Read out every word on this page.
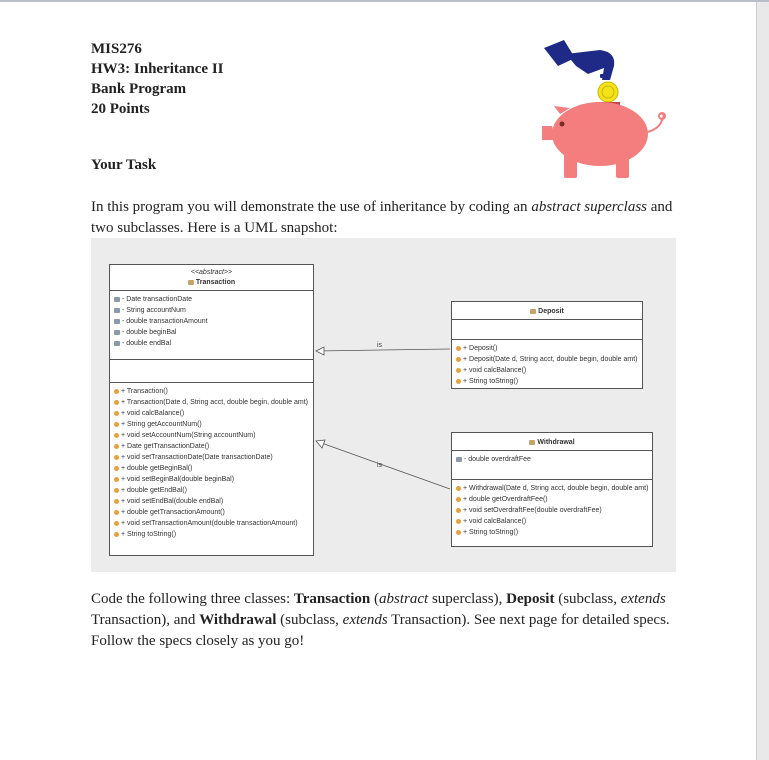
MIS276
HW3: Inheritance II
Bank Program
20 Points
Your Task
In this program you will demonstrate the use of inheritance by coding an abstract superclass and two subclasses. Here is a UML snapshot:
is
is
<<abstract>>
Transaction
- Date transactionDate
- String accountNum
- double transactionAmount
- double beginBal
- double endBal
+ Transaction()
+ Transaction(Date d, String acct, double begin, double amt)
+ void calcBalance()
+ String getAccountNum()
+ void setAccountNum(String accountNum)
+ Date getTransactionDate()
+ void setTransactionDate(Date transactionDate)
+ double getBeginBal()
+ void setBeginBal(double beginBal)
+ double getEndBal()
+ void setEndBal(double endBal)
+ double getTransactionAmount()
+ void setTransactionAmount(double transactionAmount)
+ String toString()
Deposit
+ Deposit()
+ Deposit(Date d, String acct, double begin, double amt)
+ void calcBalance()
+ String toString()
Withdrawal
- double overdraftFee
+ Withdrawal(Date d, String acct, double begin, double amt)
+ double getOverdraftFee()
+ void setOverdraftFee(double overdraftFee)
+ void calcBalance()
+ String toString()
Code the following three classes: Transaction (abstract superclass), Deposit (subclass, extends Transaction), and Withdrawal (subclass, extends Transaction). See next page for detailed specs. Follow the specs closely as you go!
